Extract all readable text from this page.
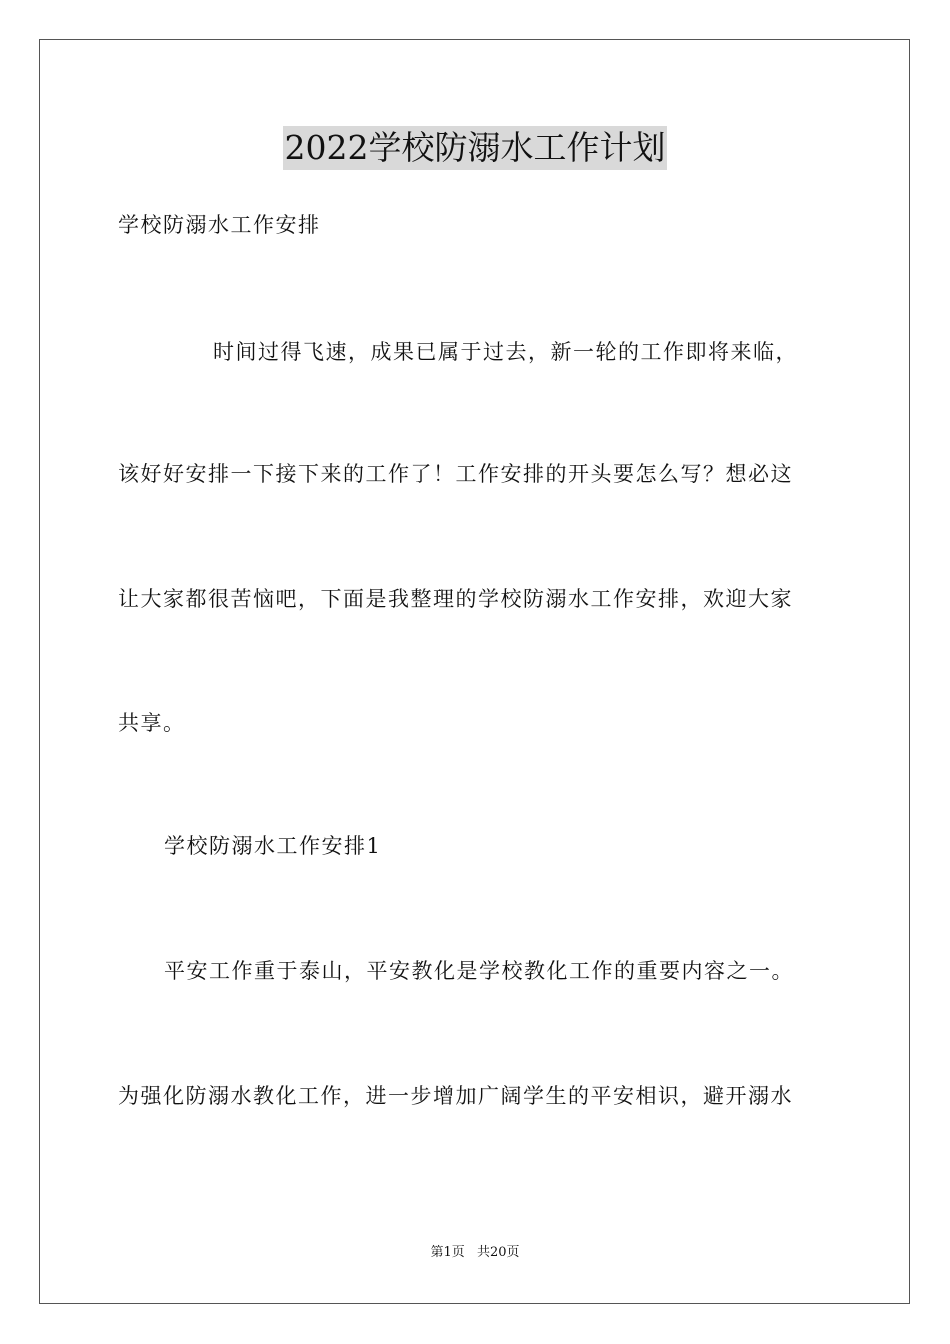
2022学校防溺水工作计划
学校防溺水工作安排
时间过得飞速，成果已属于过去，新一轮的工作即将来临，
该好好安排一下接下来的工作了！工作安排的开头要怎么写？想必这
让大家都很苦恼吧，下面是我整理的学校防溺水工作安排，欢迎大家
共享。
学校防溺水工作安排1
平安工作重于泰山，平安教化是学校教化工作的重要内容之一。
为强化防溺水教化工作，进一步增加广阔学生的平安相识，避开溺水
第1页 共20页
